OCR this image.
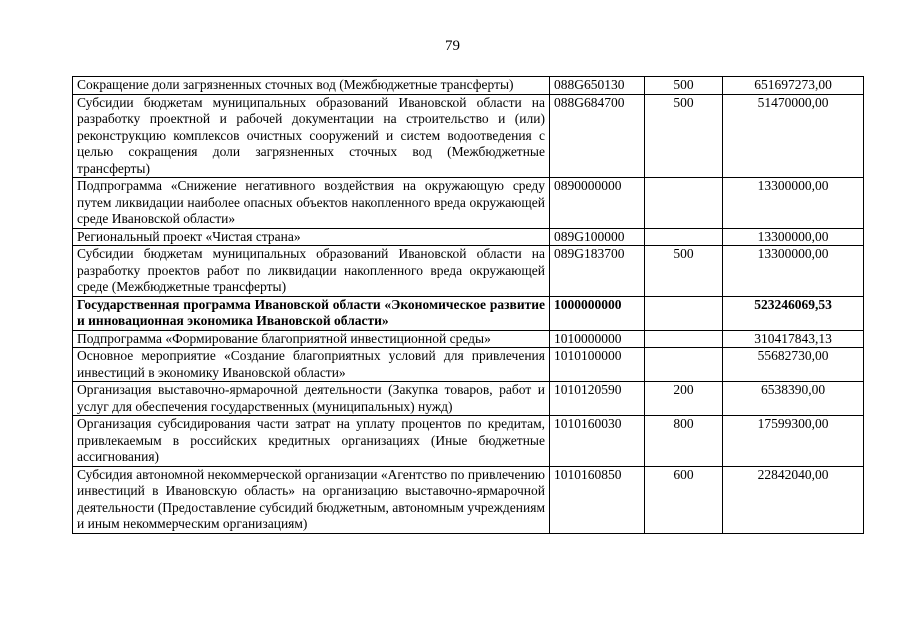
79
Сокращение доли загрязненных сточных вод (Межбюджетные трансферты)	088G650130	500	651697273,00
Субсидии бюджетам муниципальных образований Ивановской области на разработку проектной и рабочей документации на строительство и (или) реконструкцию комплексов очистных сооружений и систем водоотведения с целью сокращения доли загрязненных сточных вод (Межбюджетные трансферты)	088G684700	500	51470000,00
Подпрограмма «Снижение негативного воздействия на окружающую среду путем ликвидации наиболее опасных объектов накопленного вреда окружающей среде Ивановской области»	0890000000		13300000,00
Региональный проект «Чистая страна»	089G100000		13300000,00
Субсидии бюджетам муниципальных образований Ивановской области на разработку проектов работ по ликвидации накопленного вреда окружающей среде (Межбюджетные трансферты)	089G183700	500	13300000,00
Государственная программа Ивановской области «Экономическое развитие и инновационная экономика Ивановской области»	1000000000		523246069,53
Подпрограмма «Формирование благоприятной инвестиционной среды»	1010000000		310417843,13
Основное мероприятие «Создание благоприятных условий для привлечения инвестиций в экономику Ивановской области»	1010100000		55682730,00
Организация выставочно-ярмарочной деятельности (Закупка товаров, работ и услуг для обеспечения государственных (муниципальных) нужд)	1010120590	200	6538390,00
Организация субсидирования части затрат на уплату процентов по кредитам, привлекаемым в российских кредитных организациях (Иные бюджетные ассигнования)	1010160030	800	17599300,00
Субсидия автономной некоммерческой организации «Агентство по привлечению инвестиций в Ивановскую область» на организацию выставочно-ярмарочной деятельности (Предоставление субсидий бюджетным, автономным учреждениям и иным некоммерческим организациям)	1010160850	600	22842040,00
